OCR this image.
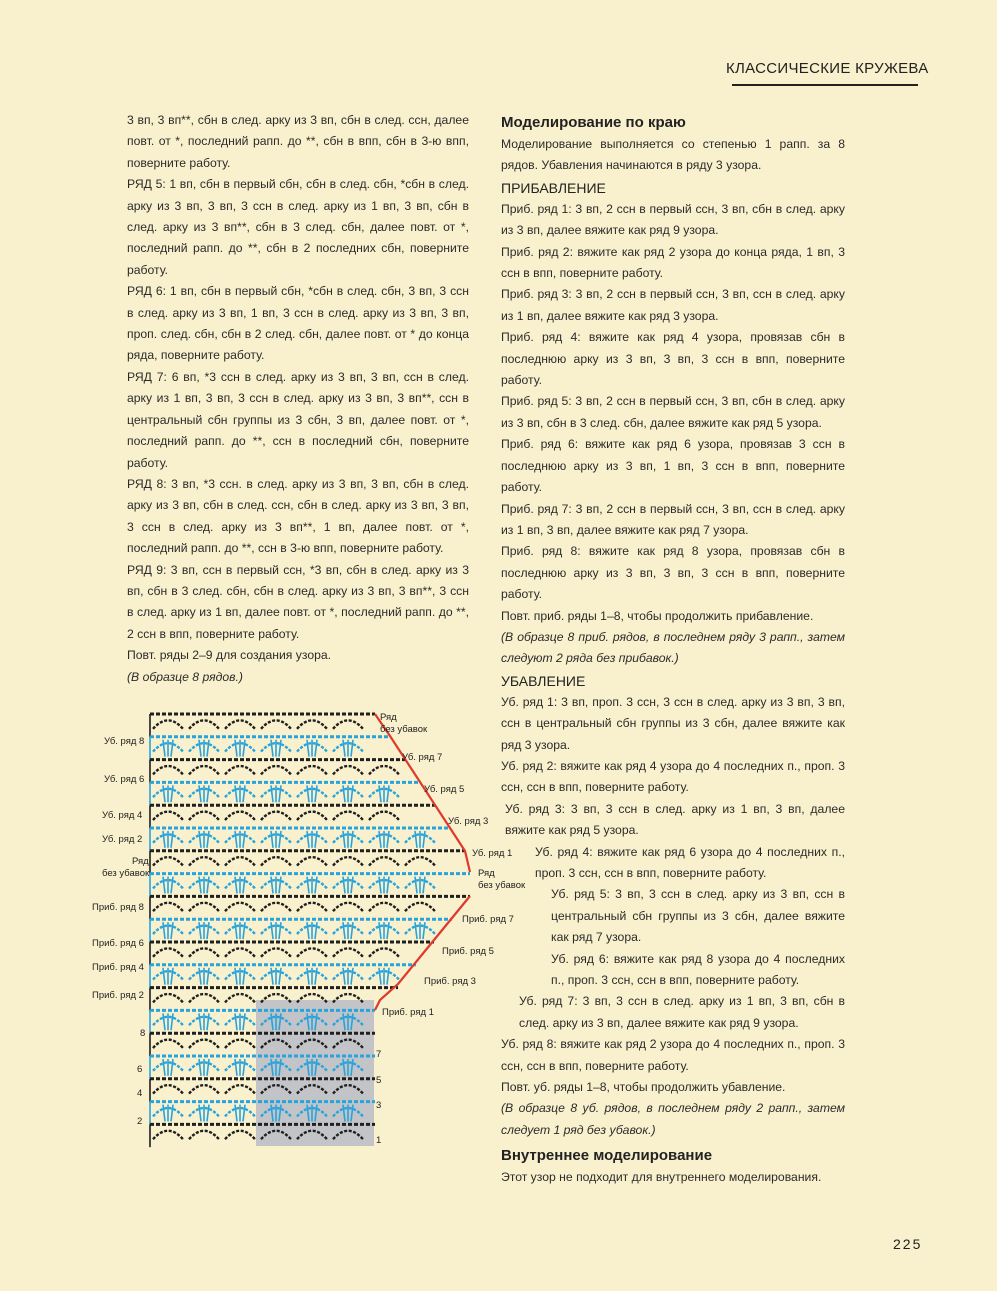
КЛАССИЧЕСКИЕ КРУЖЕВА

3 вп, 3 вп**, сбн в след. арку из 3 вп, сбн в след. ссн, далее повт. от *, последний рапп. до **, сбн в впп, сбн в 3-ю впп, поверните работу.

РЯД 5: 1 вп, сбн в первый сбн, сбн в след. сбн, *сбн в след. арку из 3 вп, 3 вп, 3 ссн в след. арку из 1 вп, 3 вп, сбн в след. арку из 3 вп**, сбн в 3 след. сбн, далее повт. от *, последний рапп. до **, сбн в 2 последних сбн, поверните работу.

РЯД 6: 1 вп, сбн в первый сбн, *сбн в след. сбн, 3 вп, 3 ссн в след. арку из 3 вп, 1 вп, 3 ссн в след. арку из 3 вп, 3 вп, проп. след. сбн, сбн в 2 след. сбн, далее повт. от * до конца ряда, поверните работу.

РЯД 7: 6 вп, *3 ссн в след. арку из 3 вп, 3 вп, ссн в след. арку из 1 вп, 3 вп, 3 ссн в след. арку из 3 вп, 3 вп**, ссн в центральный сбн группы из 3 сбн, 3 вп, далее повт. от *, последний рапп. до **, ссн в последний сбн, поверните работу.

РЯД 8: 3 вп, *3 ссн. в след. арку из 3 вп, 3 вп, сбн в след. арку из 3 вп, сбн в след. ссн, сбн в след. арку из 3 вп, 3 вп, 3 ссн в след. арку из 3 вп**, 1 вп, далее повт. от *, последний рапп. до **, ссн в 3-ю впп, поверните работу.

РЯД 9: 3 вп, ссн в первый ссн, *3 вп, сбн в след. арку из 3 вп, сбн в 3 след. сбн, сбн в след. арку из 3 вп, 3 вп**, 3 ссн в след. арку из 1 вп, далее повт. от *, последний рапп. до **, 2 ссн в впп, поверните работу.

Повт. ряды 2–9 для создания узора.

(В образце 8 рядов.)

Моделирование по краю

Моделирование выполняется со степенью 1 рапп. за 8 рядов. Убавления начинаются в ряду 3 узора.

ПРИБАВЛЕНИЕ

Приб. ряд 1: 3 вп, 2 ссн в первый ссн, 3 вп, сбн в след. арку из 3 вп, далее вяжите как ряд 9 узора.

Приб. ряд 2: вяжите как ряд 2 узора до конца ряда, 1 вп, 3 ссн в впп, поверните работу.

Приб. ряд 3: 3 вп, 2 ссн в первый ссн, 3 вп, ссн в след. арку из 1 вп, далее вяжите как ряд 3 узора.

Приб. ряд 4: вяжите как ряд 4 узора, провязав сбн в последнюю арку из 3 вп, 3 вп, 3 ссн в впп, поверните работу.

Приб. ряд 5: 3 вп, 2 ссн в первый ссн, 3 вп, сбн в след. арку из 3 вп, сбн в 3 след. сбн, далее вяжите как ряд 5 узора.

Приб. ряд 6: вяжите как ряд 6 узора, провязав 3 ссн в последнюю арку из 3 вп, 1 вп, 3 ссн в впп, поверните работу.

Приб. ряд 7: 3 вп, 2 ссн в первый ссн, 3 вп, ссн в след. арку из 1 вп, 3 вп, далее вяжите как ряд 7 узора.

Приб. ряд 8: вяжите как ряд 8 узора, провязав сбн в последнюю арку из 3 вп, 3 вп, 3 ссн в впп, поверните работу.

Повт. приб. ряды 1–8, чтобы продолжить прибавление.

(В образце 8 приб. рядов, в последнем ряду 3 рапп., затем следуют 2 ряда без прибавок.)

УБАВЛЕНИЕ

Уб. ряд 1: 3 вп, проп. 3 ссн, 3 ссн в след. арку из 3 вп, 3 вп, ссн в центральный сбн группы из 3 сбн, далее вяжите как ряд 3 узора.

Уб. ряд 2: вяжите как ряд 4 узора до 4 последних п., проп. 3 ссн, ссн в впп, поверните работу.

Уб. ряд 3: 3 вп, 3 ссн в след. арку из 1 вп, 3 вп, далее вяжите как ряд 5 узора.

Уб. ряд 4: вяжите как ряд 6 узора до 4 последних п., проп. 3 ссн, ссн в впп, поверните работу.

Уб. ряд 5: 3 вп, 3 ссн в след. арку из 3 вп, ссн в центральный сбн группы из 3 сбн, далее вяжите как ряд 7 узора.

Уб. ряд 6: вяжите как ряд 8 узора до 4 последних п., проп. 3 ссн, ссн в впп, поверните работу.

Уб. ряд 7: 3 вп, 3 ссн в след. арку из 1 вп, 3 вп, сбн в след. арку из 3 вп, далее вяжите как ряд 9 узора.

Уб. ряд 8: вяжите как ряд 2 узора до 4 последних п., проп. 3 ссн, ссн в впп, поверните работу.

Повт. уб. ряды 1–8, чтобы продолжить убавление.

(В образце 8 уб. рядов, в последнем ряду 2 рапп., затем следует 1 ряд без убавок.)

Внутреннее моделирование

Этот узор не подходит для внутреннего моделирования.

Уб. ряд 8
Уб. ряд 6
Уб. ряд 4
Уб. ряд 2
Ряд
без убавок
Приб. ряд 8
Приб. ряд 6
Приб. ряд 4
Приб. ряд 2
8
6
4
2
Ряд
без убавок
Уб. ряд 7
Уб. ряд 5
Уб. ряд 3
Уб. ряд 1
Ряд
без убавок
Приб. ряд 7
Приб. ряд 5
Приб. ряд 3
Приб. ряд 1
7
5
3
1
225
